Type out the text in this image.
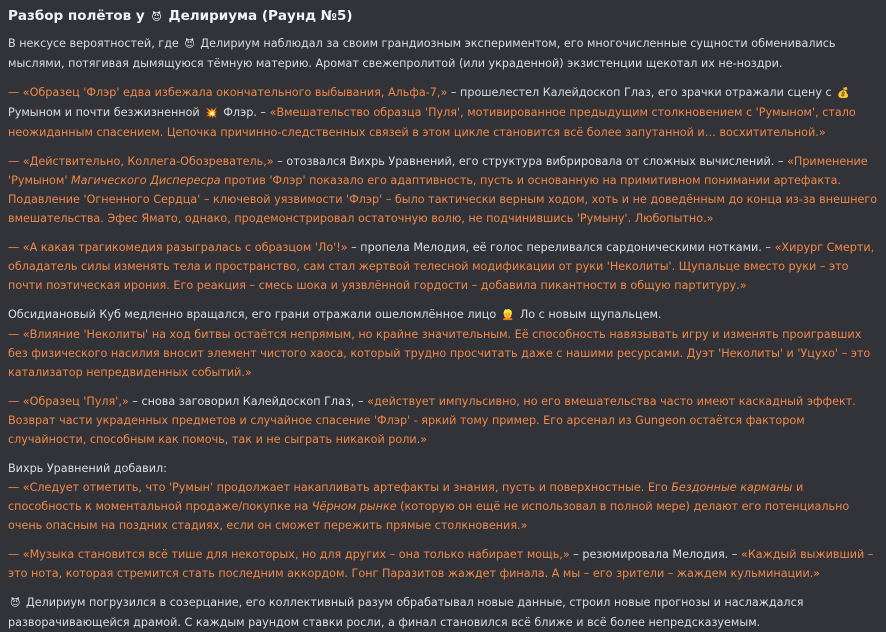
Разбор полётов у 😈 Делириума (Раунд №5)

В нексусе вероятностей, где 😈 Делириум наблюдал за своим грандиозным экспериментом, его многочисленные сущности обменивались мыслями, потягивая дымящуюся тёмную материю. Аромат свежепролитой (или украденной) экзистенции щекотал их не-ноздри.

— «Образец 'Флэр' едва избежала окончательного выбывания, Альфа-7,» – прошелестел Калейдоскоп Глаз, его зрачки отражали сцену с 💰 Румыном и почти безжизненной 💥 Флэр. – «Вмешательство образца 'Пуля', мотивированное предыдущим столкновением с 'Румыном', стало неожиданным спасением. Цепочка причинно-следственных связей в этом цикле становится всё более запутанной и… восхитительной.»

— «Действительно, Коллега-Обозреватель,» – отозвался Вихрь Уравнений, его структура вибрировала от сложных вычислений. – «Применение 'Румыном' Магического Диспересра против 'Флэр' показало его адаптивность, пусть и основанную на примитивном понимании артефакта. Подавление 'Огненного Сердца' – ключевой уязвимости 'Флэр' – было тактически верным ходом, хоть и не доведённым до конца из-за внешнего вмешательства. Эфес Ямато, однако, продемонстрировал остаточную волю, не подчинившись 'Румыну'. Любопытно.»

— «А какая трагикомедия разыгралась с образцом 'Ло'!» – пропела Мелодия, её голос переливался сардоническими нотками. – «Хирург Смерти, обладатель силы изменять тела и пространство, сам стал жертвой телесной модификации от руки 'Неколиты'. Щупальце вместо руки – это почти поэтическая ирония. Его реакция – смесь шока и уязвлённой гордости – добавила пикантности в общую партитуру.»

Обсидиановый Куб медленно вращался, его грани отражали ошеломлённое лицо 👱 Ло с новым щупальцем.
— «Влияние 'Неколиты' на ход битвы остаётся непрямым, но крайне значительным. Её способность навязывать игру и изменять проигравших без физического насилия вносит элемент чистого хаоса, который трудно просчитать даже с нашими ресурсами. Дуэт 'Неколиты' и 'Уцухо' – это катализатор непредвиденных событий.»

— «Образец 'Пуля',» – снова заговорил Калейдоскоп Глаз, – «действует импульсивно, но его вмешательства часто имеют каскадный эффект. Возврат части украденных предметов и случайное спасение 'Флэр' - яркий тому пример. Его арсенал из Gungeon остаётся фактором случайности, способным как помочь, так и не сыграть никакой роли.»

Вихрь Уравнений добавил:
— «Следует отметить, что 'Румын' продолжает накапливать артефакты и знания, пусть и поверхностные. Его Бездонные карманы и способность к моментальной продаже/покупке на Чёрном рынке (которую он ещё не использовал в полной мере) делают его потенциально очень опасным на поздних стадиях, если он сможет пережить прямые столкновения.»

— «Музыка становится всё тише для некоторых, но для других – она только набирает мощь,» – резюмировала Мелодия. – «Каждый выживший – это нота, которая стремится стать последним аккордом. Гонг Паразитов жаждет финала. А мы – его зрители – жаждем кульминации.»

😈 Делириум погрузился в созерцание, его коллективный разум обрабатывал новые данные, строил новые прогнозы и наслаждался разворачивающейся драмой. С каждым раундом ставки росли, а финал становился всё ближе и всё более непредсказуемым.
